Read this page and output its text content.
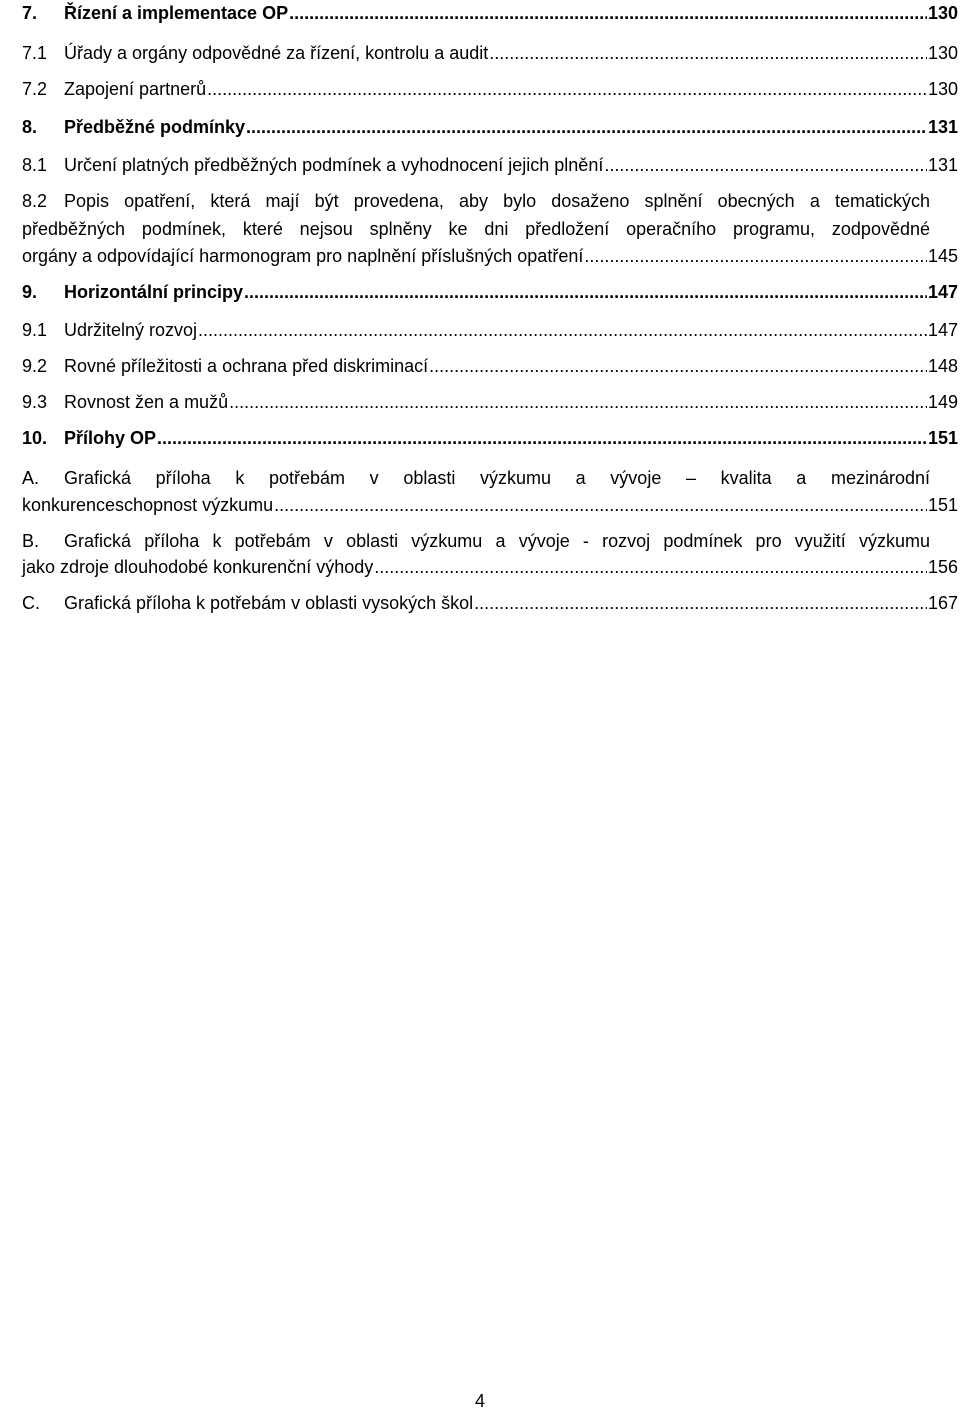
7.	Řízení a implementace OP .....	130
7.1 Úřady a orgány odpovědné za řízení, kontrolu a audit .....	130
7.2 Zapojení partnerů .....	130
8.	Předběžné podmínky .....	131
8.1 Určení platných předběžných podmínek a vyhodnocení jejich plnění .....	131
8.2 Popis opatření, která mají být provedena, aby bylo dosaženo splnění obecných a tematických
předběžných podmínek, které nejsou splněny ke dni předložení operačního programu, zodpovědné
orgány a odpovídající harmonogram pro naplnění příslušných opatření .....	145
9.	Horizontální principy .....	147
9.1 Udržitelný rozvoj .....	147
9.2 Rovné příležitosti a ochrana před diskriminací .....	148
9.3 Rovnost žen a mužů .....	149
10. Přílohy OP .....	151
A.	Grafická příloha k potřebám v oblasti výzkumu a vývoje – kvalita a mezinárodní
konkurenceschopnost výzkumu .....	151
B.	Grafická příloha k potřebám v oblasti výzkumu a vývoje - rozvoj podmínek pro využití výzkumu
jako zdroje dlouhodobé konkurenční výhody .....	156
C.	Grafická příloha k potřebám v oblasti vysokých škol .....	167
4
